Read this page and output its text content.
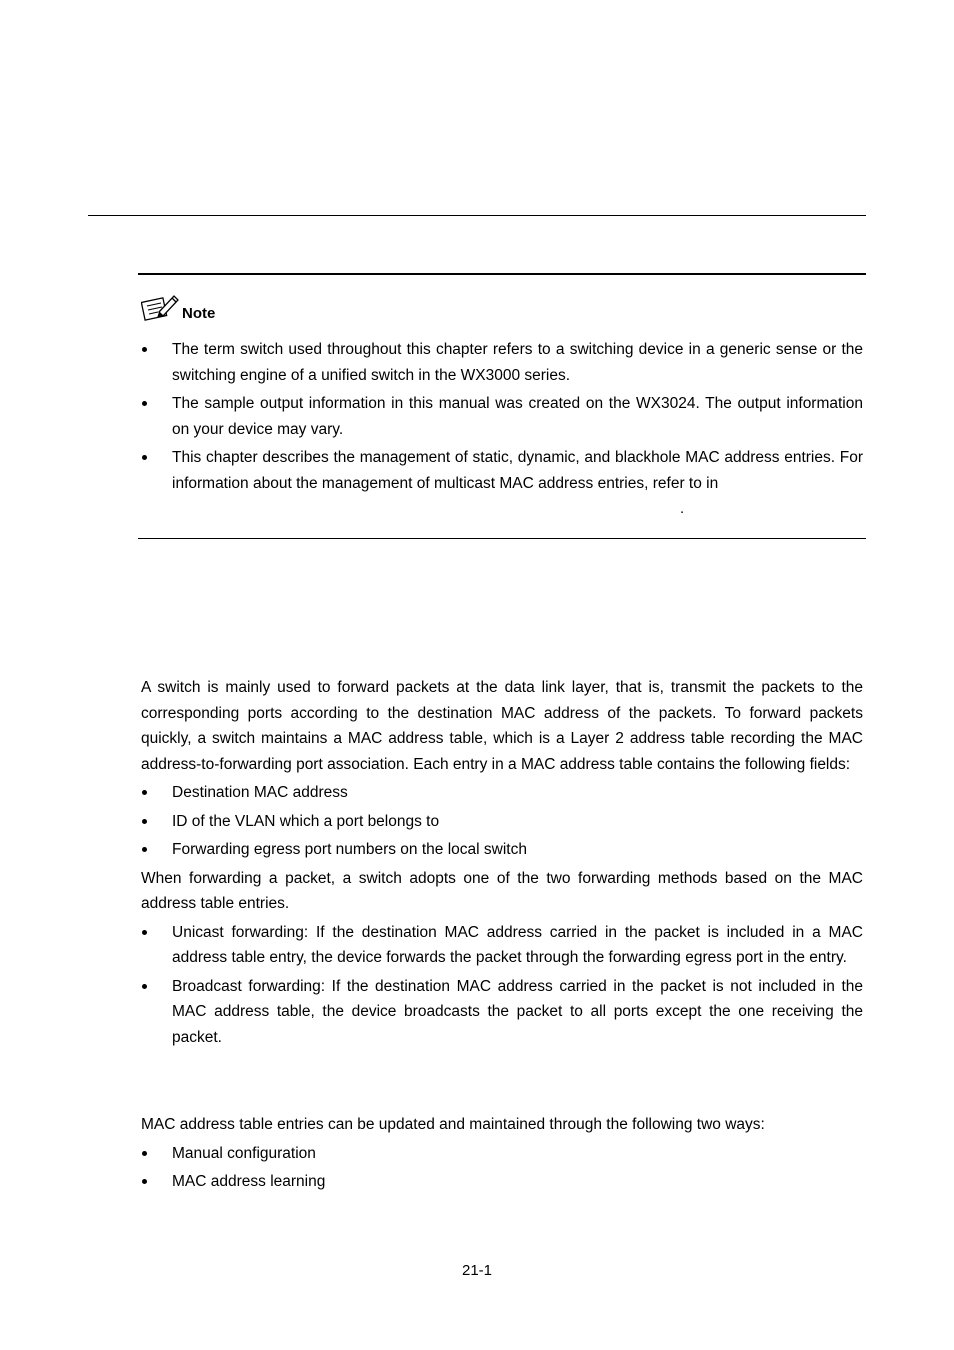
Note
The term switch used throughout this chapter refers to a switching device in a generic sense or the switching engine of a unified switch in the WX3000 series.
The sample output information in this manual was created on the WX3024. The output information on your device may vary.
This chapter describes the management of static, dynamic, and blackhole MAC address entries. For information about the management of multicast MAC address entries, refer to in
.

A switch is mainly used to forward packets at the data link layer, that is, transmit the packets to the corresponding ports according to the destination MAC address of the packets. To forward packets quickly, a switch maintains a MAC address table, which is a Layer 2 address table recording the MAC address-to-forwarding port association. Each entry in a MAC address table contains the following fields:

Destination MAC address
ID of the VLAN which a port belongs to
Forwarding egress port numbers on the local switch

When forwarding a packet, a switch adopts one of the two forwarding methods based on the MAC address table entries.

Unicast forwarding: If the destination MAC address carried in the packet is included in a MAC address table entry, the device forwards the packet through the forwarding egress port in the entry.
Broadcast forwarding: If the destination MAC address carried in the packet is not included in the MAC address table, the device broadcasts the packet to all ports except the one receiving the packet.

MAC address table entries can be updated and maintained through the following two ways:

Manual configuration
MAC address learning
21-1
